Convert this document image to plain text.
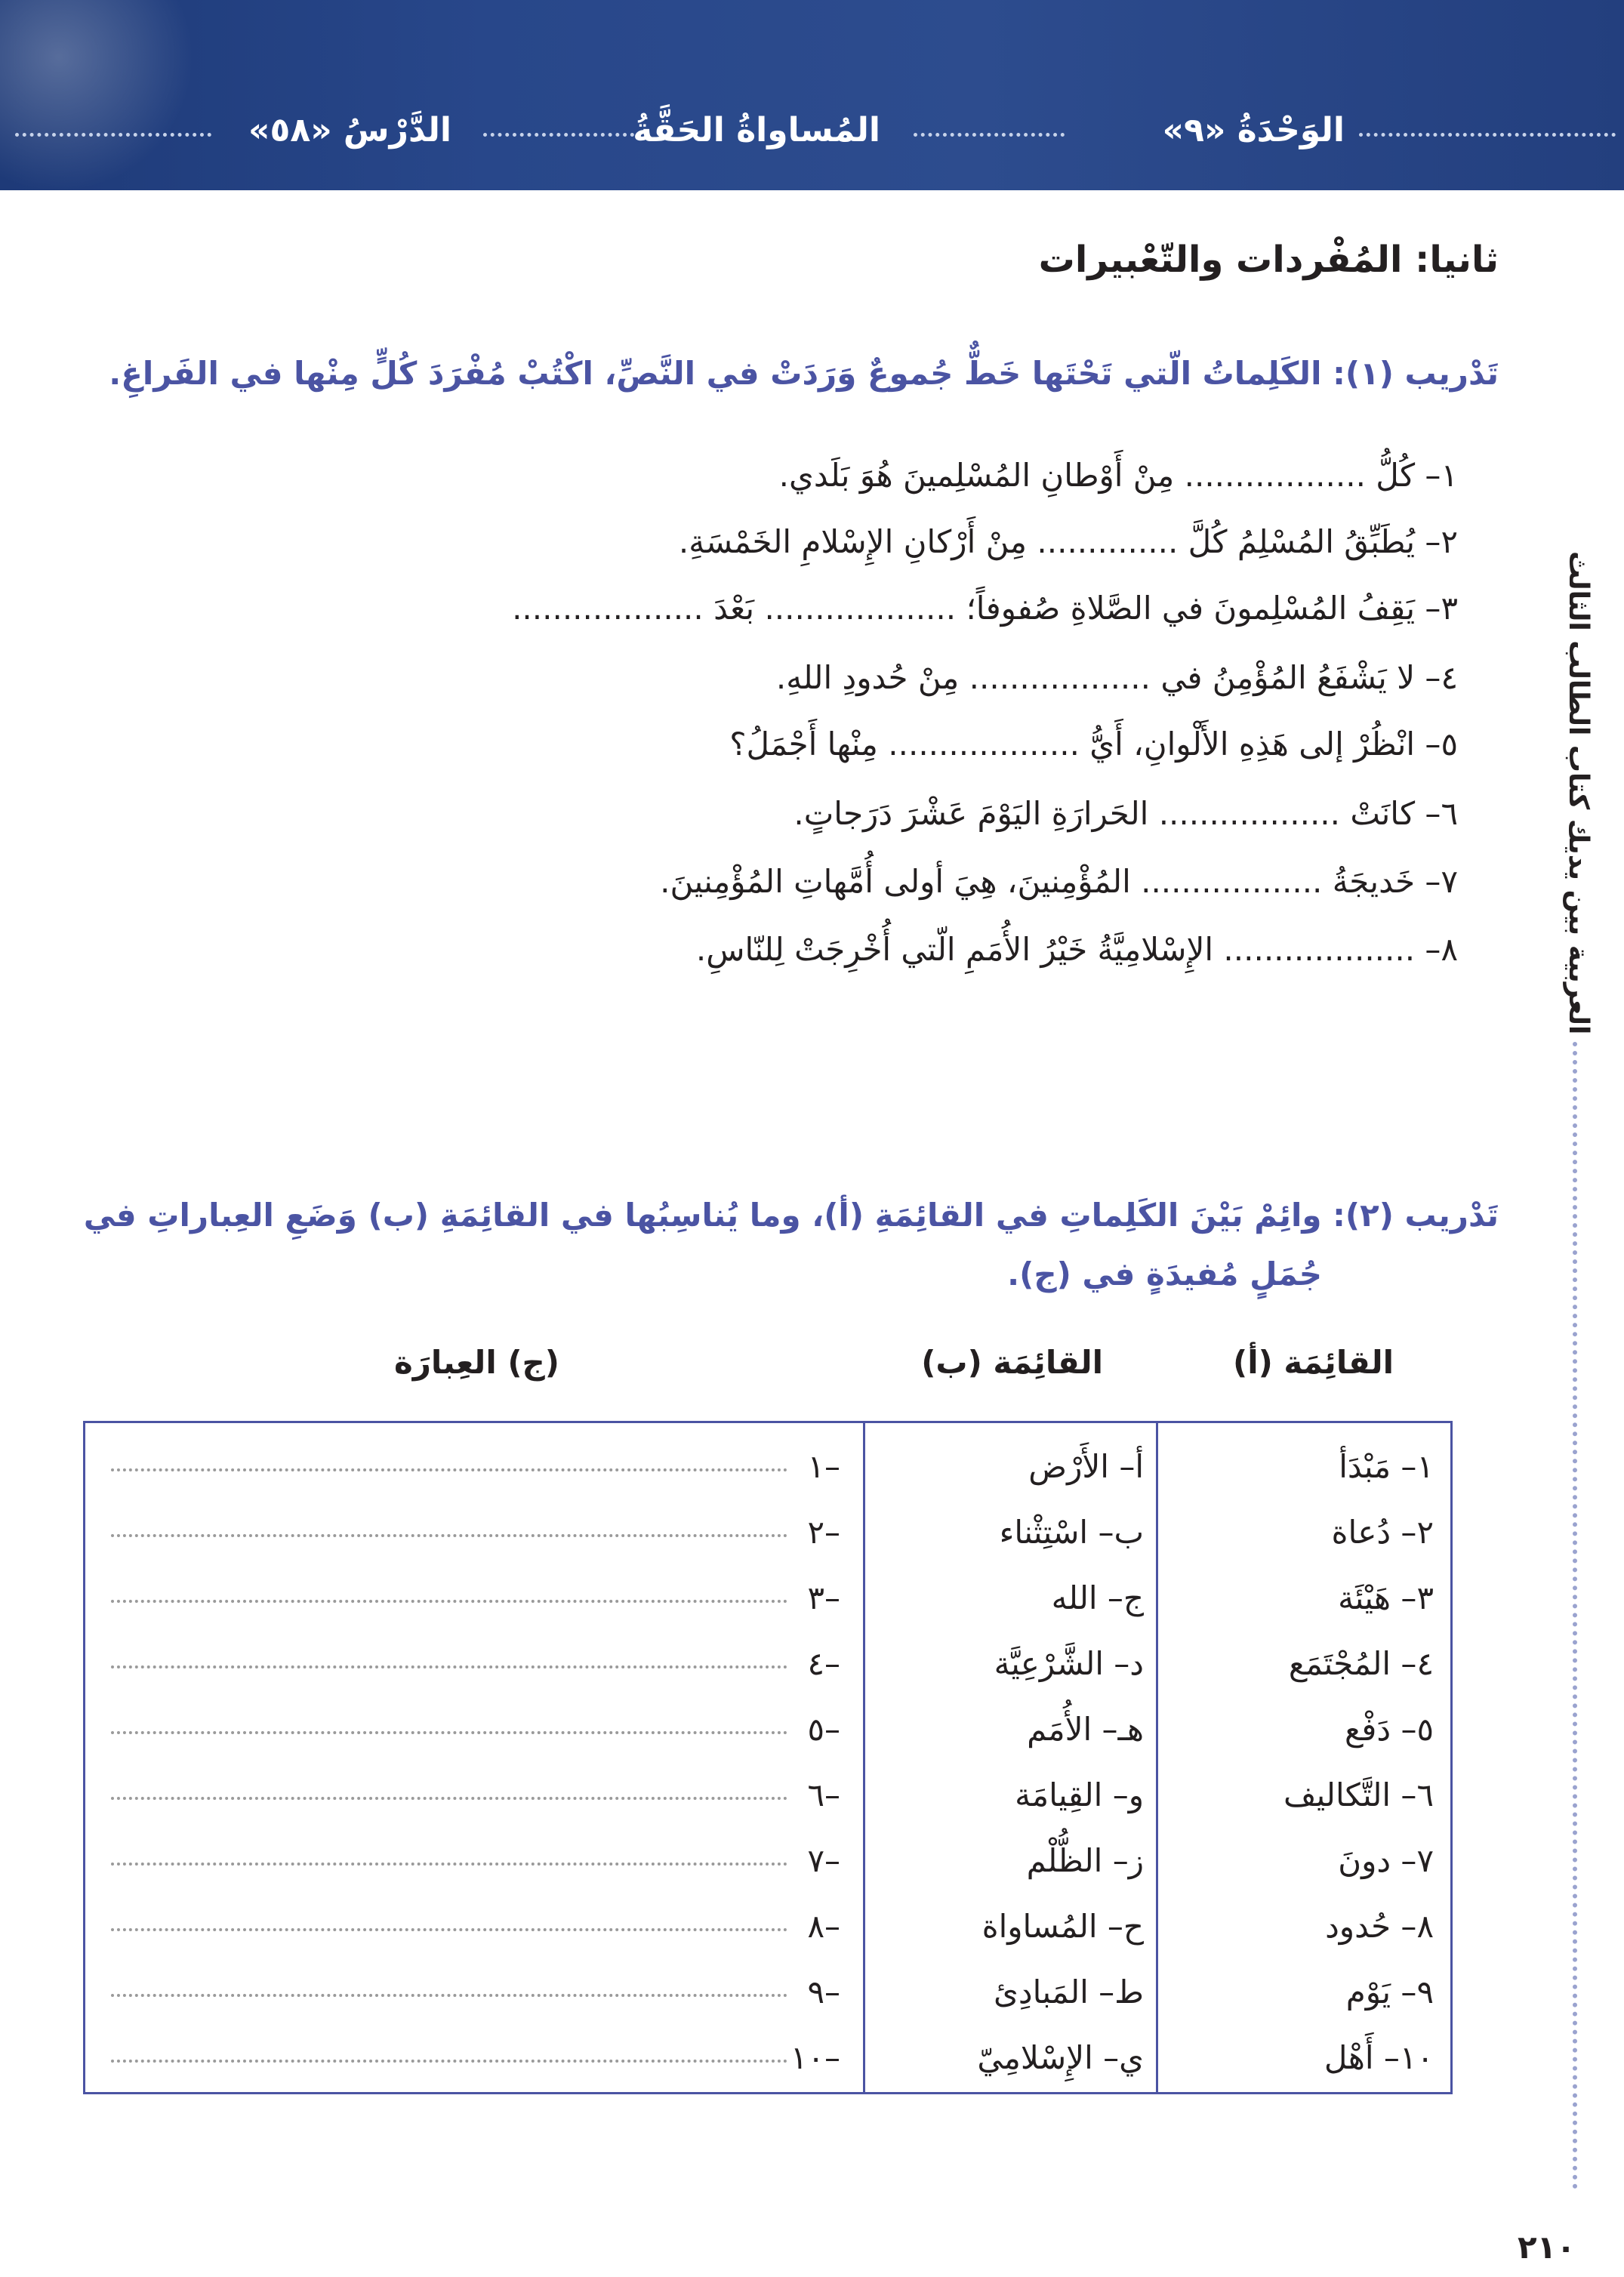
الدَّرْسُ «٥٨»	المُساواةُ الحَقَّةُ	الوَحْدَةُ «٩»
ثانيا: المُفْردات والتّعْبيرات
تَدْريب (١): الكَلِماتُ الّتي تَحْتَها خَطٌّ جُموعٌ وَرَدَتْ في النَّصِّ، اكْتُبْ مُفْرَدَ كُلٍّ مِنْها في الفَراغِ.
١– كُلُّ .................. مِنْ أَوْطانِ المُسْلِمينَ هُوَ بَلَدي.
٢– يُطَبِّقُ المُسْلِمُ كُلَّ .............. مِنْ أَرْكانِ الإِسْلامِ الخَمْسَةِ.
٣– يَقِفُ المُسْلِمونَ في الصَّلاةِ صُفوفاً؛ ................... بَعْدَ ...................
٤– لا يَشْفَعُ المُؤْمِنُ في .................. مِنْ حُدودِ اللهِ.
٥– انْظُرْ إلى هَذِهِ الأَلْوانِ، أَيُّ ................... مِنْها أَجْمَلُ؟
٦– كانَتْ .................. الحَرارَةِ اليَوْمَ عَشْرَ دَرَجاتٍ.
٧– خَديجَةُ .................. المُؤْمِنينَ، هِيَ أولى أُمَّهاتِ المُؤْمِنينَ.
٨– ................... الإِسْلامِيَّةُ خَيْرُ الأُمَمِ الّتي أُخْرِجَتْ لِلنّاسِ.
تَدْريب (٢): وائِمْ بَيْنَ الكَلِماتِ في القائِمَةِ (أ)، وما يُناسِبُها في القائِمَةِ (ب) وَضَعِ العِباراتِ في
جُمَلٍ مُفيدَةٍ في (ج).
القائِمَة (أ)
القائِمَة (ب)
(ج) العِبارَة
١– مَبْدَأ
أ– الأَرْض
–١
٢– دُعاة
ب– اسْتِثْناء
–٢
٣– هَيْئَة
ج– الله
–٣
٤– المُجْتَمَع
د– الشَّرْعِيَّة
–٤
٥– دَفْع
هـ– الأُمَم
–٥
٦– التَّكاليف
و– القِيامَة
–٦
٧– دونَ
ز– الظُّلْم
–٧
٨– حُدود
ح– المُساواة
–٨
٩– يَوْم
ط– المَبادِئ
–٩
١٠– أَهْل
ي– الإِسْلامِيّ
–١٠
العربية بين يديك كتاب الطالب الثالث
٢١٠
